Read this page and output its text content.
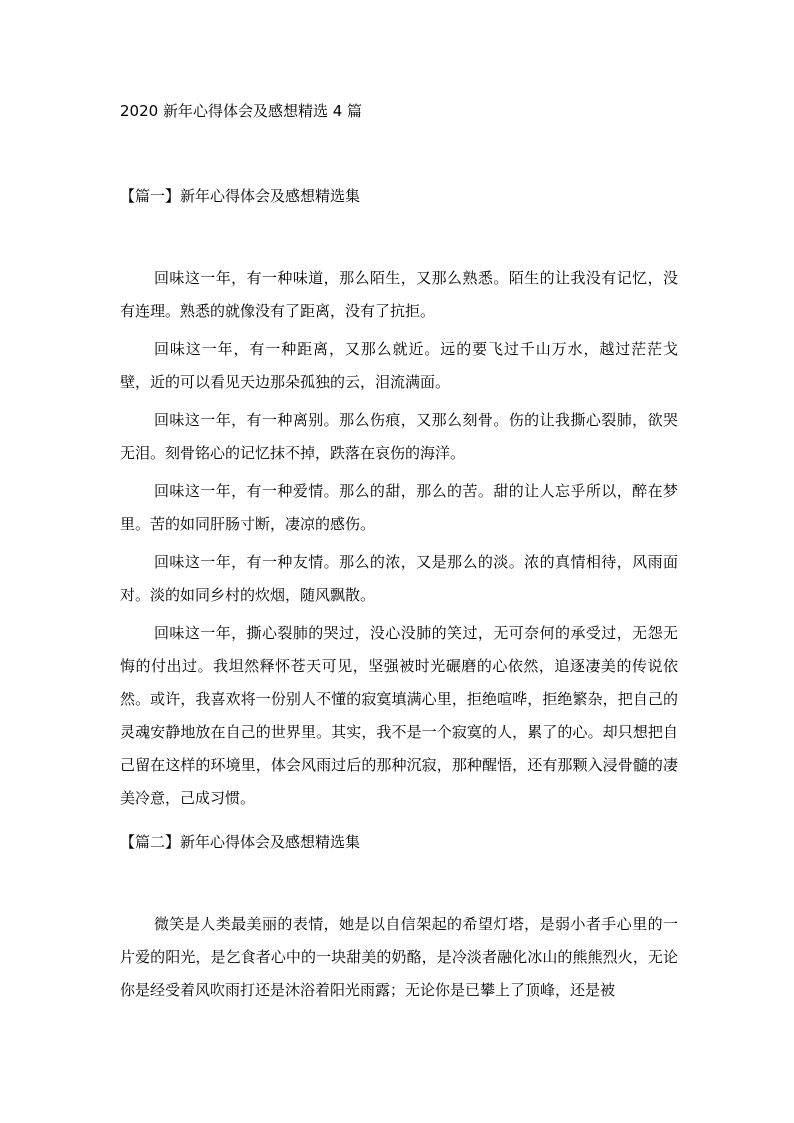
2020 新年心得体会及感想精选 4 篇
【篇一】新年心得体会及感想精选集

回味这一年，有一种味道，那么陌生，又那么熟悉。陌生的让我没有记忆，没有连理。熟悉的就像没有了距离，没有了抗拒。

回味这一年，有一种距离，又那么就近。远的要飞过千山万水，越过茫茫戈壁，近的可以看见天边那朵孤独的云，泪流满面。

回味这一年，有一种离别。那么伤痕，又那么刻骨。伤的让我撕心裂肺，欲哭无泪。刻骨铭心的记忆抹不掉，跌落在哀伤的海洋。

回味这一年，有一种爱情。那么的甜，那么的苦。甜的让人忘乎所以，醉在梦里。苦的如同肝肠寸断，凄凉的感伤。

回味这一年，有一种友情。那么的浓，又是那么的淡。浓的真情相待，风雨面对。淡的如同乡村的炊烟，随风飘散。

回味这一年，撕心裂肺的哭过，没心没肺的笑过，无可奈何的承受过，无怨无悔的付出过。我坦然释怀苍天可见，坚强被时光碾磨的心依然，追逐凄美的传说依然。或许，我喜欢将一份别人不懂的寂寞填满心里，拒绝喧哗，拒绝繁杂，把自己的灵魂安静地放在自己的世界里。其实，我不是一个寂寞的人，累了的心。却只想把自己留在这样的环境里，体会风雨过后的那种沉寂，那种醒悟，还有那颗入浸骨髓的凄美冷意，己成习惯。

【篇二】新年心得体会及感想精选集

微笑是人类最美丽的表情，她是以自信架起的希望灯塔，是弱小者手心里的一片爱的阳光，是乞食者心中的一块甜美的奶酪，是冷淡者融化冰山的熊熊烈火，无论你是经受着风吹雨打还是沐浴着阳光雨露；无论你是已攀上了顶峰，还是被
